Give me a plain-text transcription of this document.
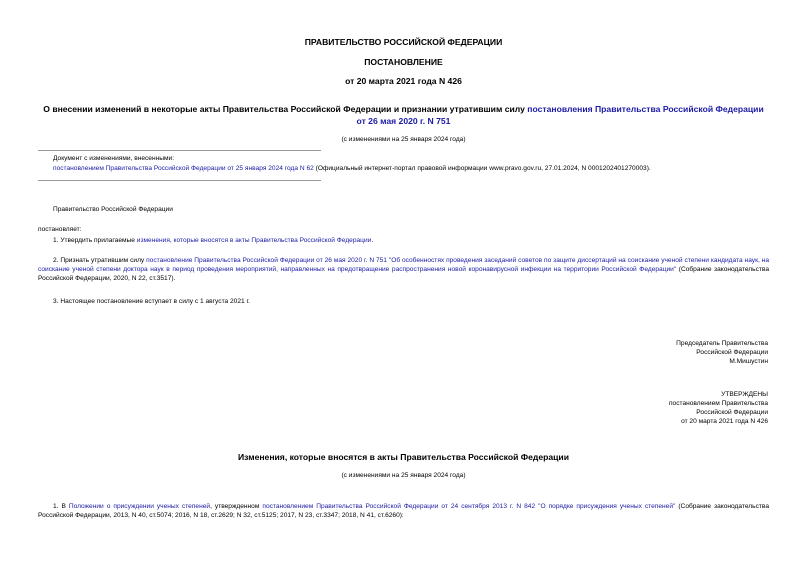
ПРАВИТЕЛЬСТВО РОССИЙСКОЙ ФЕДЕРАЦИИ
ПОСТАНОВЛЕНИЕ
от 20 марта 2021 года N 426
О внесении изменений в некоторые акты Правительства Российской Федерации и признании утратившим силу постановления Правительства Российской Федерации от 26 мая 2020 г. N 751
(с изменениями на 25 января 2024 года)
Документ с изменениями, внесенными:
постановлением Правительства Российской Федерации от 25 января 2024 года N 62 (Официальный интернет-портал правовой информации www.pravo.gov.ru, 27.01.2024, N 0001202401270003).
Правительство Российской Федерации
постановляет:
1. Утвердить прилагаемые изменения, которые вносятся в акты Правительства Российской Федерации.
2. Признать утратившим силу постановление Правительства Российской Федерации от 26 мая 2020 г. N 751 "Об особенностях проведения заседаний советов по защите диссертаций на соискание ученой степени кандидата наук, на соискание ученой степени доктора наук в период проведения мероприятий, направленных на предотвращение распространения новой коронавирусной инфекции на территории Российской Федерации" (Собрание законодательства Российской Федерации, 2020, N 22, ст.3517).
3. Настоящее постановление вступает в силу с 1 августа 2021 г.
Председатель Правительства
Российской Федерации
М.Мишустин
УТВЕРЖДЕНЫ
постановлением Правительства
Российской Федерации
от 20 марта 2021 года N 426
Изменения, которые вносятся в акты Правительства Российской Федерации
(с изменениями на 25 января 2024 года)
1. В Положении о присуждении ученых степеней, утвержденном постановлением Правительства Российской Федерации от 24 сентября 2013 г. N 842 "О порядке присуждения ученых степеней" (Собрание законодательства Российской Федерации, 2013, N 40, ст.5074; 2016, N 18, ст.2629; N 32, ст.5125; 2017, N 23, ст.3347; 2018, N 41, ст.6260):
